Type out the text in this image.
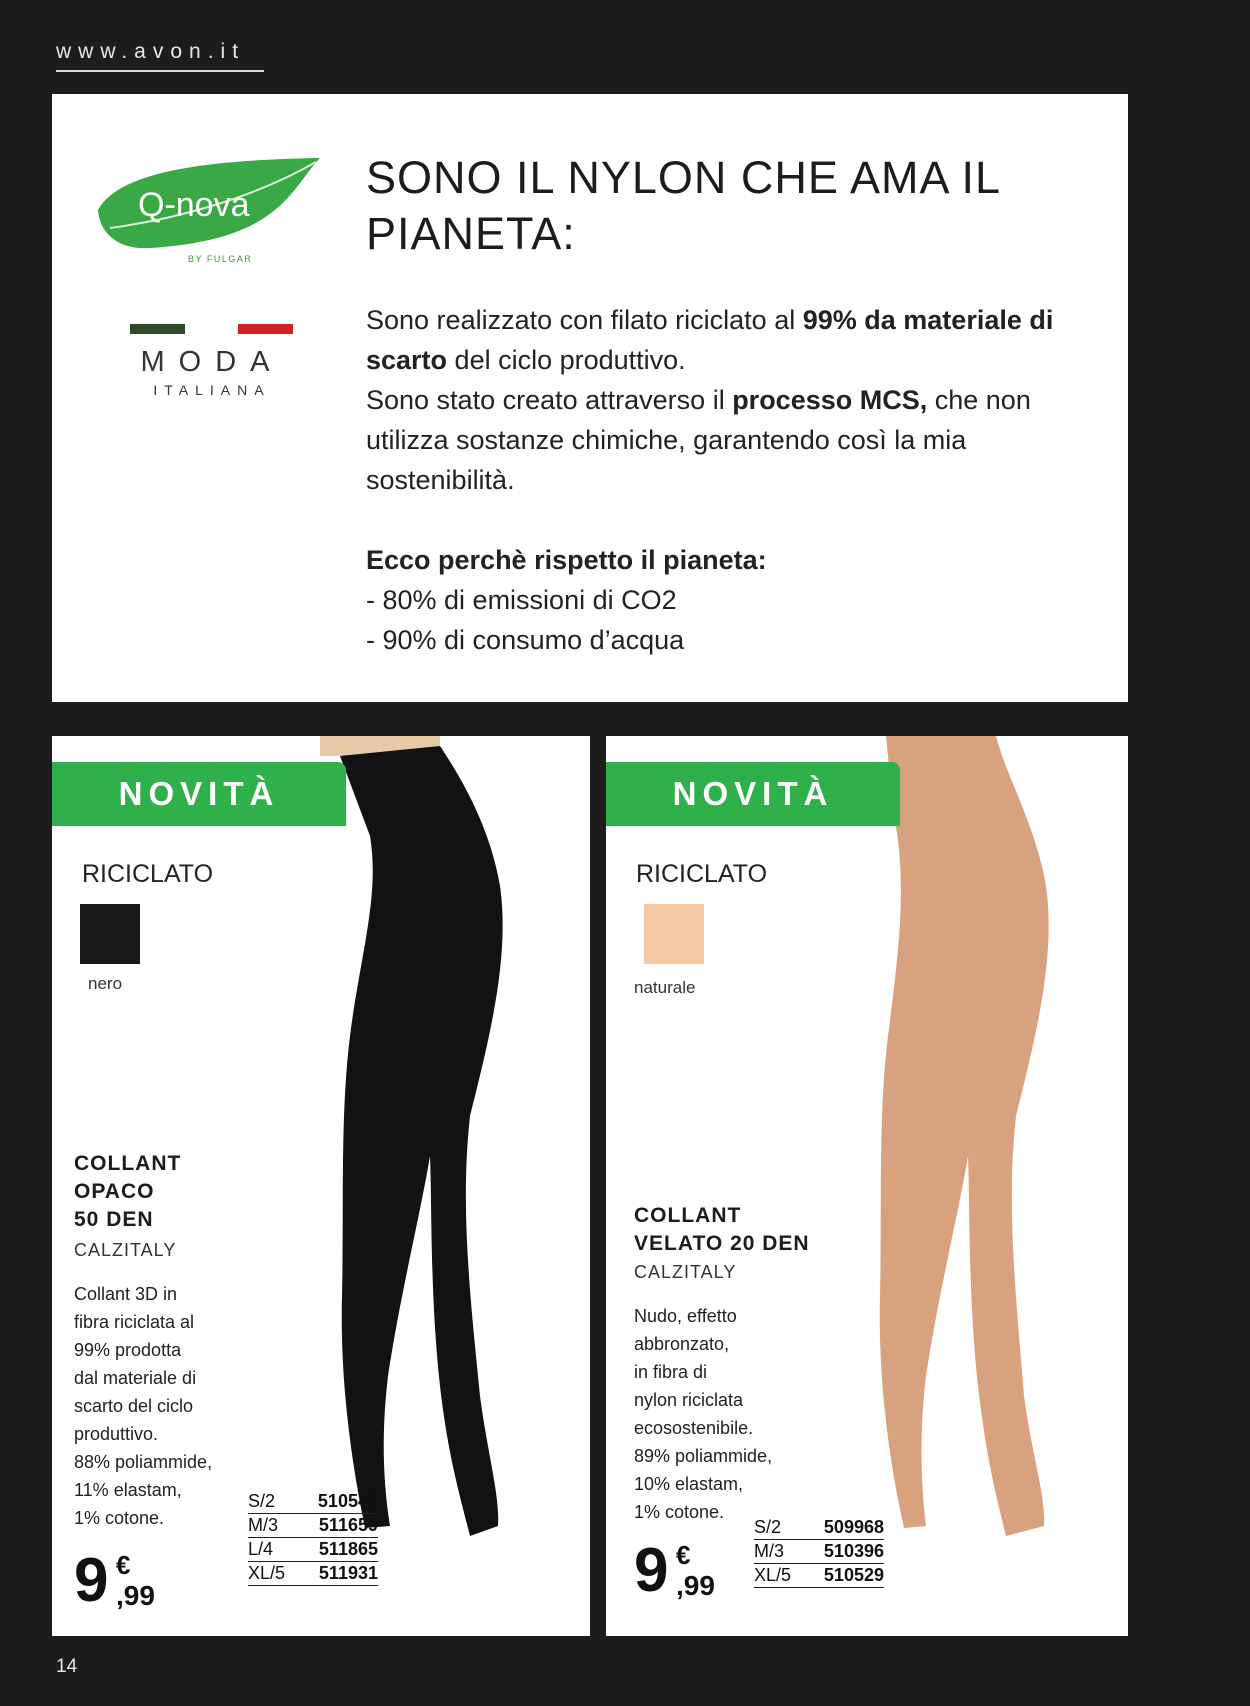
www.avon.it
Q-nova
BY FULGAR
MODA
ITALIANA
SONO IL NYLON CHE AMA IL PIANETA:
Sono realizzato con filato riciclato al 99% da materiale di scarto del ciclo produttivo.
Sono stato creato attraverso il processo MCS, che non utilizza sostanze chimiche, garantendo così la mia sostenibilità.
Ecco perchè rispetto il pianeta:
- 80% di emissioni di CO2
- 90% di consumo d’acqua
NOVITÀ
RICICLATO
nero
COLLANT
OPACO
50 DEN
CALZITALY
Collant 3D in
fibra riciclata al
99% prodotta
dal materiale di
scarto del ciclo
produttivo.
88% poliammide,
11% elastam,
1% cotone.
9 €
,99
S/2	510545
M/3	511659
L/4	511865
XL/5	511931
NOVITÀ
RICICLATO
naturale
COLLANT
VELATO 20 DEN
CALZITALY
Nudo, effetto
abbronzato,
in fibra di
nylon riciclata
ecosostenibile.
89% poliammide,
10% elastam,
1% cotone.
9 €
,99
S/2	509968
M/3	510396
XL/5	510529
14
